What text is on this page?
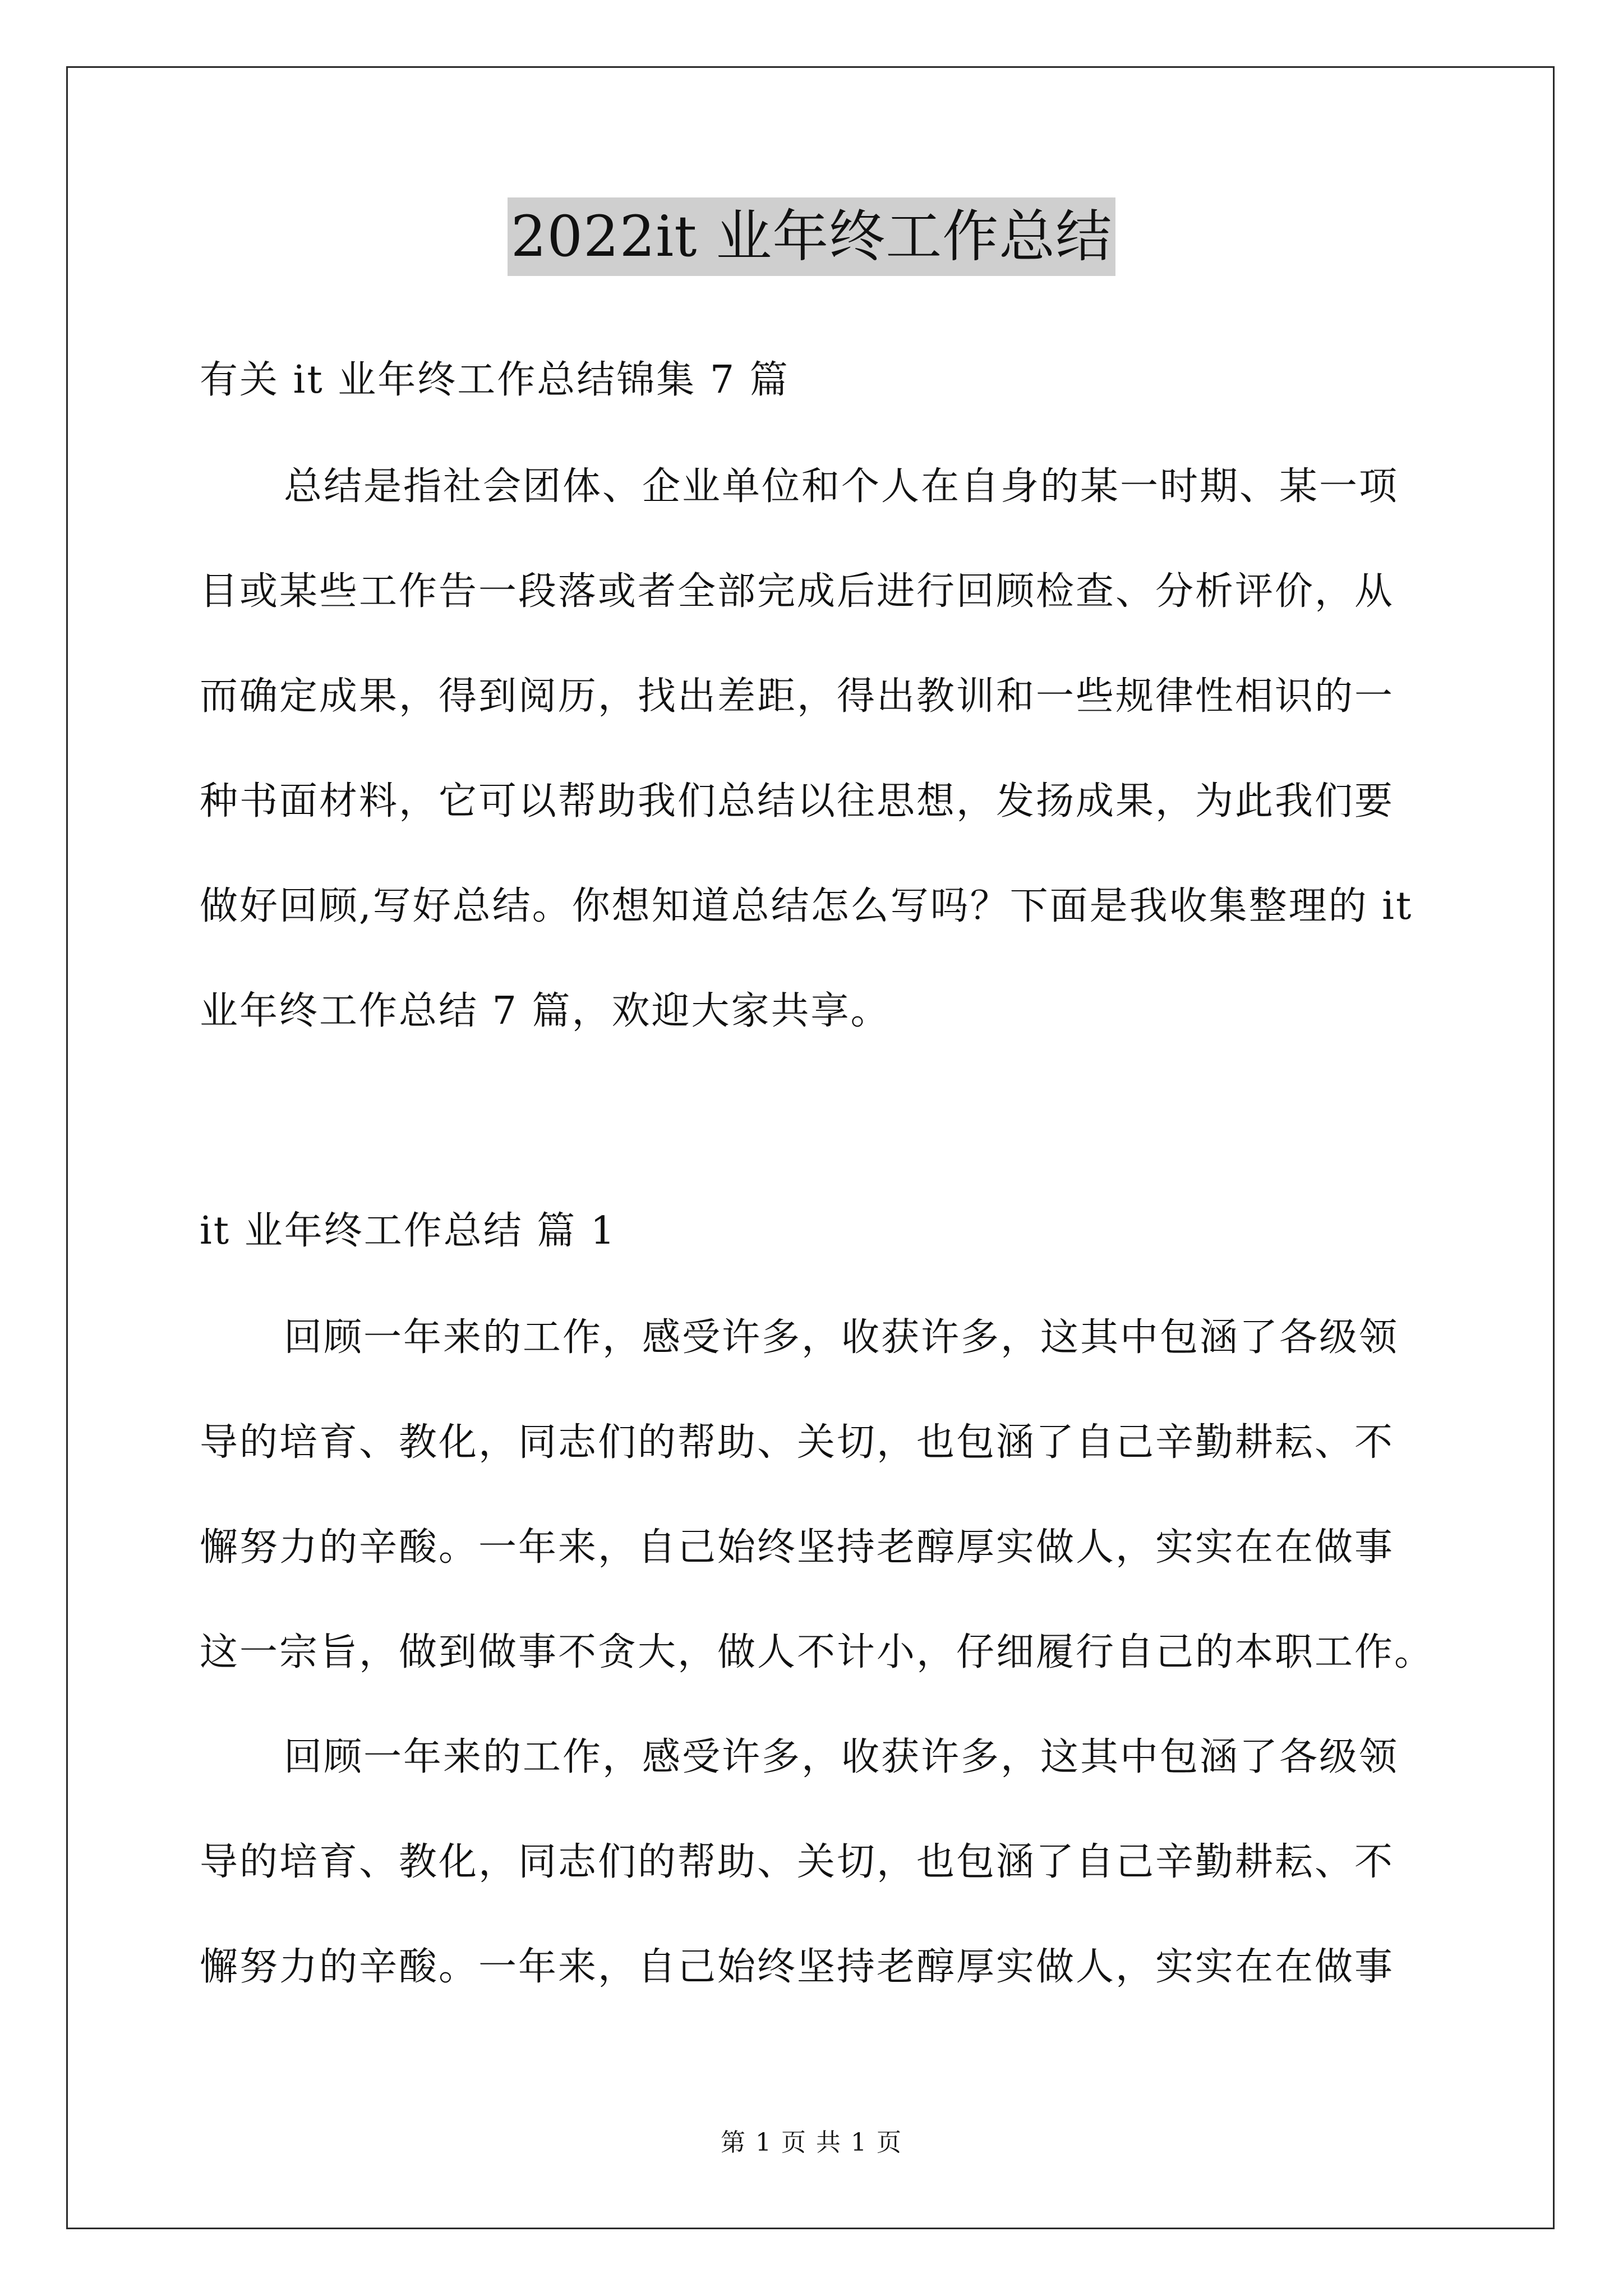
2022it 业年终工作总结
有关 it 业年终工作总结锦集 7 篇
总结是指社会团体、企业单位和个人在自身的某一时期、某一项
目或某些工作告一段落或者全部完成后进行回顾检查、分析评价，从
而确定成果，得到阅历，找出差距，得出教训和一些规律性相识的一
种书面材料，它可以帮助我们总结以往思想，发扬成果，为此我们要
做好回顾,写好总结。你想知道总结怎么写吗？下面是我收集整理的 it
业年终工作总结 7 篇，欢迎大家共享。
it 业年终工作总结 篇 1
回顾一年来的工作，感受许多，收获许多，这其中包涵了各级领
导的培育、教化，同志们的帮助、关切，也包涵了自己辛勤耕耘、不
懈努力的辛酸。一年来，自己始终坚持老醇厚实做人，实实在在做事
这一宗旨，做到做事不贪大，做人不计小，仔细履行自己的本职工作。
回顾一年来的工作，感受许多，收获许多，这其中包涵了各级领
导的培育、教化，同志们的帮助、关切，也包涵了自己辛勤耕耘、不
懈努力的辛酸。一年来，自己始终坚持老醇厚实做人，实实在在做事
第 1 页 共 1 页
